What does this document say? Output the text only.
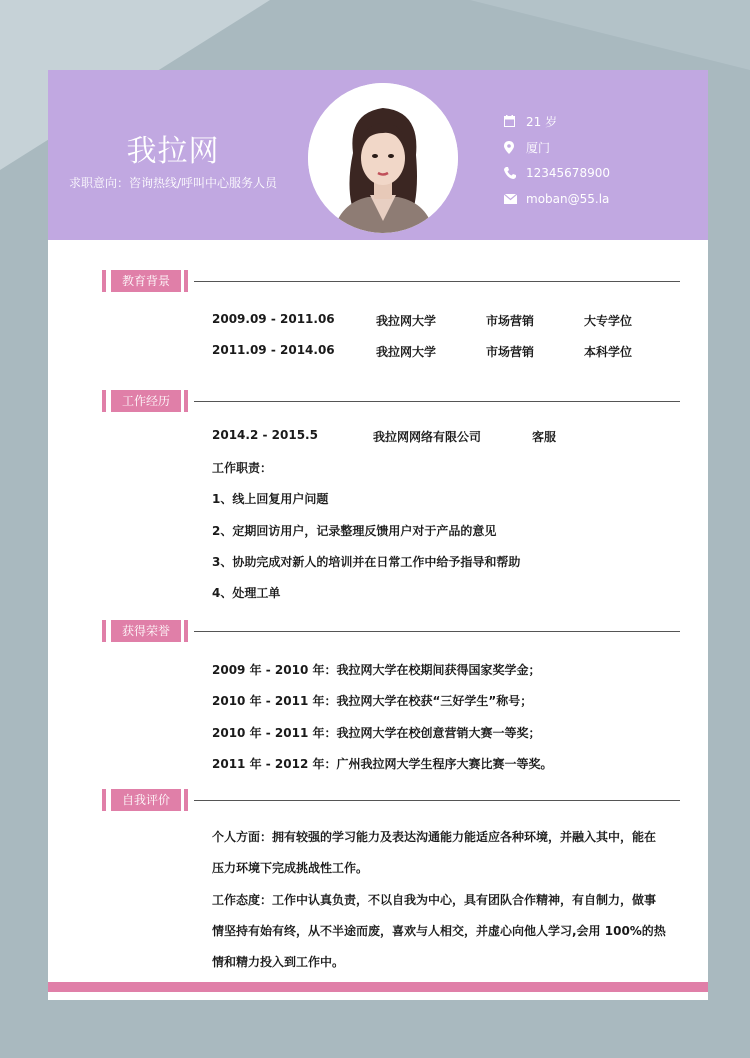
我拉网
求职意向：咨询热线/呼叫中心服务人员
21 岁
厦门
12345678900
moban@55.la
教育背景
2009.09 - 2011.06	我拉网大学	市场营销	大专学位
2011.09 - 2014.06	我拉网大学	市场营销	本科学位
工作经历
2014.2 - 2015.5	我拉网网络有限公司	客服
工作职责：
1、线上回复用户问题
2、定期回访用户，记录整理反馈用户对于产品的意见
3、协助完成对新人的培训并在日常工作中给予指导和帮助
4、处理工单
获得荣誉
2009 年 - 2010 年：我拉网大学在校期间获得国家奖学金；
2010 年 - 2011 年：我拉网大学在校获“三好学生”称号；
2010 年 - 2011 年：我拉网大学在校创意营销大赛一等奖；
2011 年 - 2012 年：广州我拉网大学生程序大赛比赛一等奖。
自我评价
个人方面：拥有较强的学习能力及表达沟通能力能适应各种环境，并融入其中，能在压力环境下完成挑战性工作。
工作态度：工作中认真负责，不以自我为中心，具有团队合作精神，有自制力，做事情坚持有始有终，从不半途而废，喜欢与人相交，并虚心向他人学习,会用 100%的热情和精力投入到工作中。
